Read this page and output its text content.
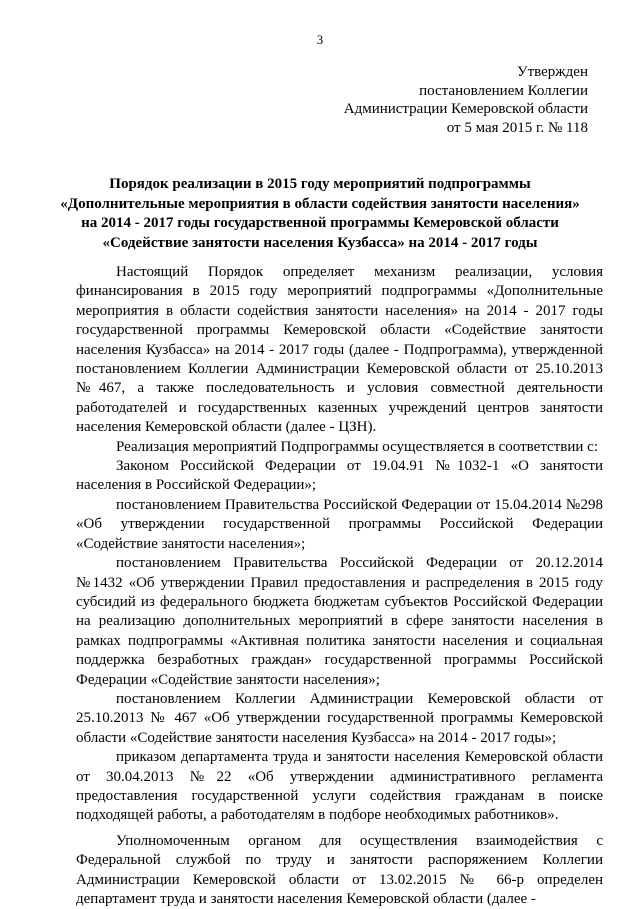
3
Утвержден
постановлением Коллегии
Администрации Кемеровской области
от 5 мая 2015 г. № 118
Порядок реализации в 2015 году мероприятий подпрограммы
«Дополнительные мероприятия в области содействия занятости населения»
на 2014 - 2017 годы государственной программы Кемеровской области
«Содействие занятости населения Кузбасса» на 2014 - 2017 годы

Настоящий Порядок определяет механизм реализации, условия финансирования в 2015 году мероприятий подпрограммы «Дополнительные мероприятия в области содействия занятости населения» на 2014 - 2017 годы государственной программы Кемеровской области «Содействие занятости населения Кузбасса» на 2014 - 2017 годы (далее - Подпрограмма), утвержденной постановлением Коллегии Администрации Кемеровской области от 25.10.2013 №467, а также последовательность и условия совместной деятельности работодателей и государственных казенных учреждений центров занятости населения Кемеровской области (далее - ЦЗН).

Реализация мероприятий Подпрограммы осуществляется в соответствии с:

Законом Российской Федерации от 19.04.91 №1032-1 «О занятости населения в Российской Федерации»;

постановлением Правительства Российской Федерации от 15.04.2014 №298 «Об утверждении государственной программы Российской Федерации «Содействие занятости населения»;

постановлением Правительства Российской Федерации от 20.12.2014 №1432 «Об утверждении Правил предоставления и распределения в 2015 году субсидий из федерального бюджета бюджетам субъектов Российской Федерации на реализацию дополнительных мероприятий в сфере занятости населения в рамках подпрограммы «Активная политика занятости населения и социальная поддержка безработных граждан» государственной программы Российской Федерации «Содействие занятости населения»;

постановлением Коллегии Администрации Кемеровской области от 25.10.2013 № 467 «Об утверждении государственной программы Кемеровской области «Содействие занятости населения Кузбасса» на 2014 - 2017 годы»;

приказом департамента труда и занятости населения Кемеровской области от 30.04.2013 №22 «Об утверждении административного регламента предоставления государственной услуги содействия гражданам в поиске подходящей работы, а работодателям в подборе необходимых работников».

Уполномоченным органом для осуществления взаимодействия с Федеральной службой по труду и занятости распоряжением Коллегии Администрации Кемеровской области от 13.02.2015 № 66-р определен департамент труда и занятости населения Кемеровской области (далее -
